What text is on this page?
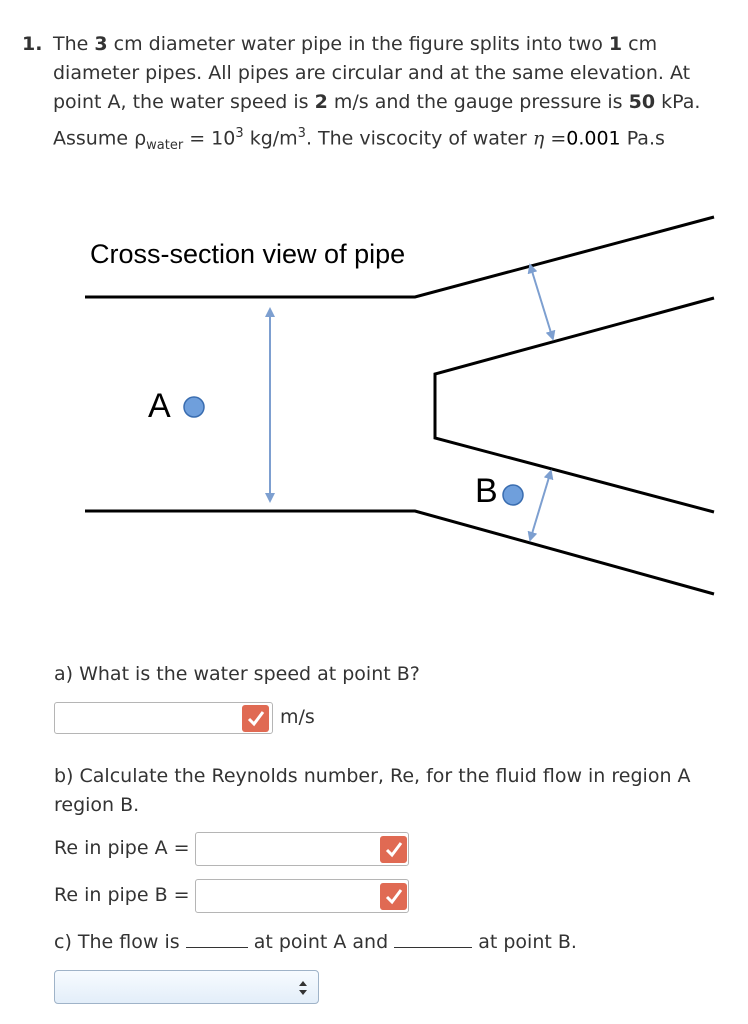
1. The 3 cm diameter water pipe in the figure splits into two 1 cm
diameter pipes. All pipes are circular and at the same elevation. At
point A, the water speed is 2 m/s and the gauge pressure is 50 kPa.
Assume $\rho_{water} = 10^3$ $kg/m^3$. The viscocity of water η =0.001 Pa.s
Cross-section view of pipe
A
B
a) What is the water speed at point B?
m/s
b) Calculate the Reynolds number, Re, for the fluid flow in region A
region B.
Re in pipe A =
Re in pipe B =
c) The flow is	at point A and	at point B.
